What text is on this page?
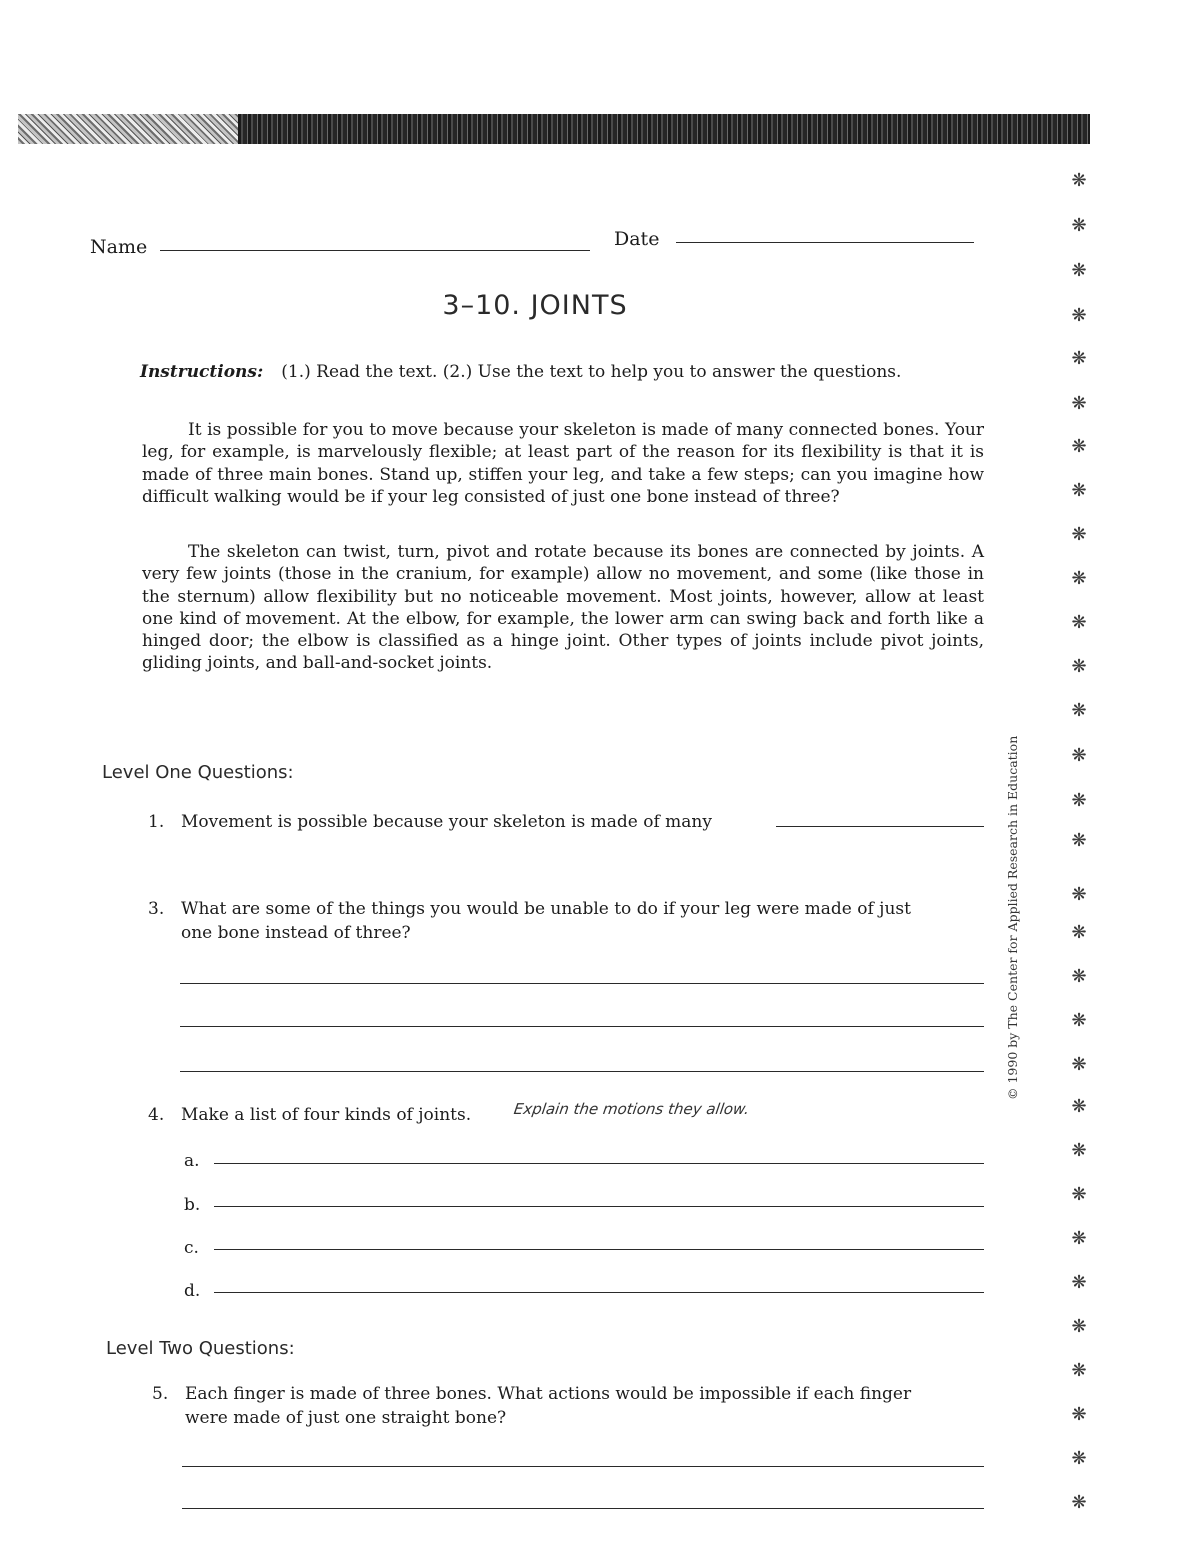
Name	Date
3–10. JOINTS
Instructions: (1.) Read the text. (2.) Use the text to help you to answer the questions.
It is possible for you to move because your skeleton is made of many connected bones. Your leg, for example, is marvelously flexible; at least part of the reason for its flexibility is that it is made of three main bones. Stand up, stiffen your leg, and take a few steps; can you imagine how difficult walking would be if your leg consisted of just one bone instead of three?
The skeleton can twist, turn, pivot and rotate because its bones are connected by joints. A very few joints (those in the cranium, for example) allow no movement, and some (like those in the sternum) allow flexibility but no noticeable movement. Most joints, however, allow at least one kind of movement. At the elbow, for example, the lower arm can swing back and forth like a hinged door; the elbow is classified as a hinge joint. Other types of joints include pivot joints, gliding joints, and ball-and-socket joints.
Level One Questions:
1. Movement is possible because your skeleton is made of many
3. What are some of the things you would be unable to do if your leg were made of just
one bone instead of three?
4. Make a list of four kinds of joints.	Explain the motions they allow.
a.
b.
c.
d.
Level Two Questions:
5. Each finger is made of three bones. What actions would be impossible if each finger
were made of just one straight bone?
© 1990 by The Center for Applied Research in Education
❋
❋
❋
❋
❋
❋
❋
❋
❋
❋
❋
❋
❋
❋
❋
❋
❋
❋
❋
❋
❋
❋
❋
❋
❋
❋
❋
❋
❋
❋
❋
